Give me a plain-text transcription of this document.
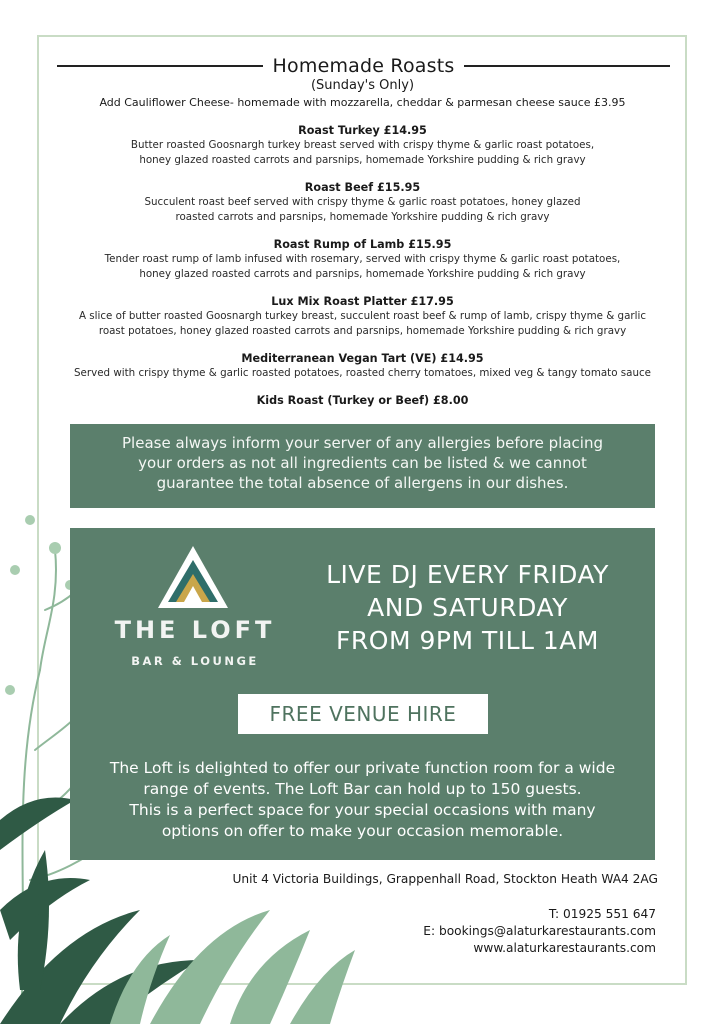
Homemade Roasts
(Sunday's Only)
Add Cauliflower Cheese- homemade with mozzarella, cheddar & parmesan cheese sauce £3.95
Roast Turkey £14.95
Butter roasted Goosnargh turkey breast served with crispy thyme & garlic roast potatoes,
honey glazed roasted carrots and parsnips, homemade Yorkshire pudding & rich gravy
Roast Beef £15.95
Succulent roast beef served with crispy thyme & garlic roast potatoes, honey glazed
roasted carrots and parsnips, homemade Yorkshire pudding & rich gravy
Roast Rump of Lamb £15.95
Tender roast rump of lamb infused with rosemary, served with crispy thyme & garlic roast potatoes,
honey glazed roasted carrots and parsnips, homemade Yorkshire pudding & rich gravy
Lux Mix Roast Platter £17.95
A slice of butter roasted Goosnargh turkey breast, succulent roast beef & rump of lamb, crispy thyme & garlic
roast potatoes, honey glazed roasted carrots and parsnips, homemade Yorkshire pudding & rich gravy
Mediterranean Vegan Tart (VE) £14.95
Served with crispy thyme & garlic roasted potatoes, roasted cherry tomatoes, mixed veg & tangy tomato sauce
Kids Roast (Turkey or Beef) £8.00
Please always inform your server of any allergies before placing
your orders as not all ingredients can be listed & we cannot
guarantee the total absence of allergens in our dishes.
THE LOFT
BAR & LOUNGE
LIVE DJ EVERY FRIDAY
AND SATURDAY
FROM 9PM TILL 1AM
FREE VENUE HIRE
The Loft is delighted to offer our private function room for a wide
range of events. The Loft Bar can hold up to 150 guests.
This is a perfect space for your special occasions with many
options on offer to make your occasion memorable.
Unit 4 Victoria Buildings, Grappenhall Road, Stockton Heath WA4 2AG
T: 01925 551 647
E: bookings@alaturkarestaurants.com
www.alaturkarestaurants.com
